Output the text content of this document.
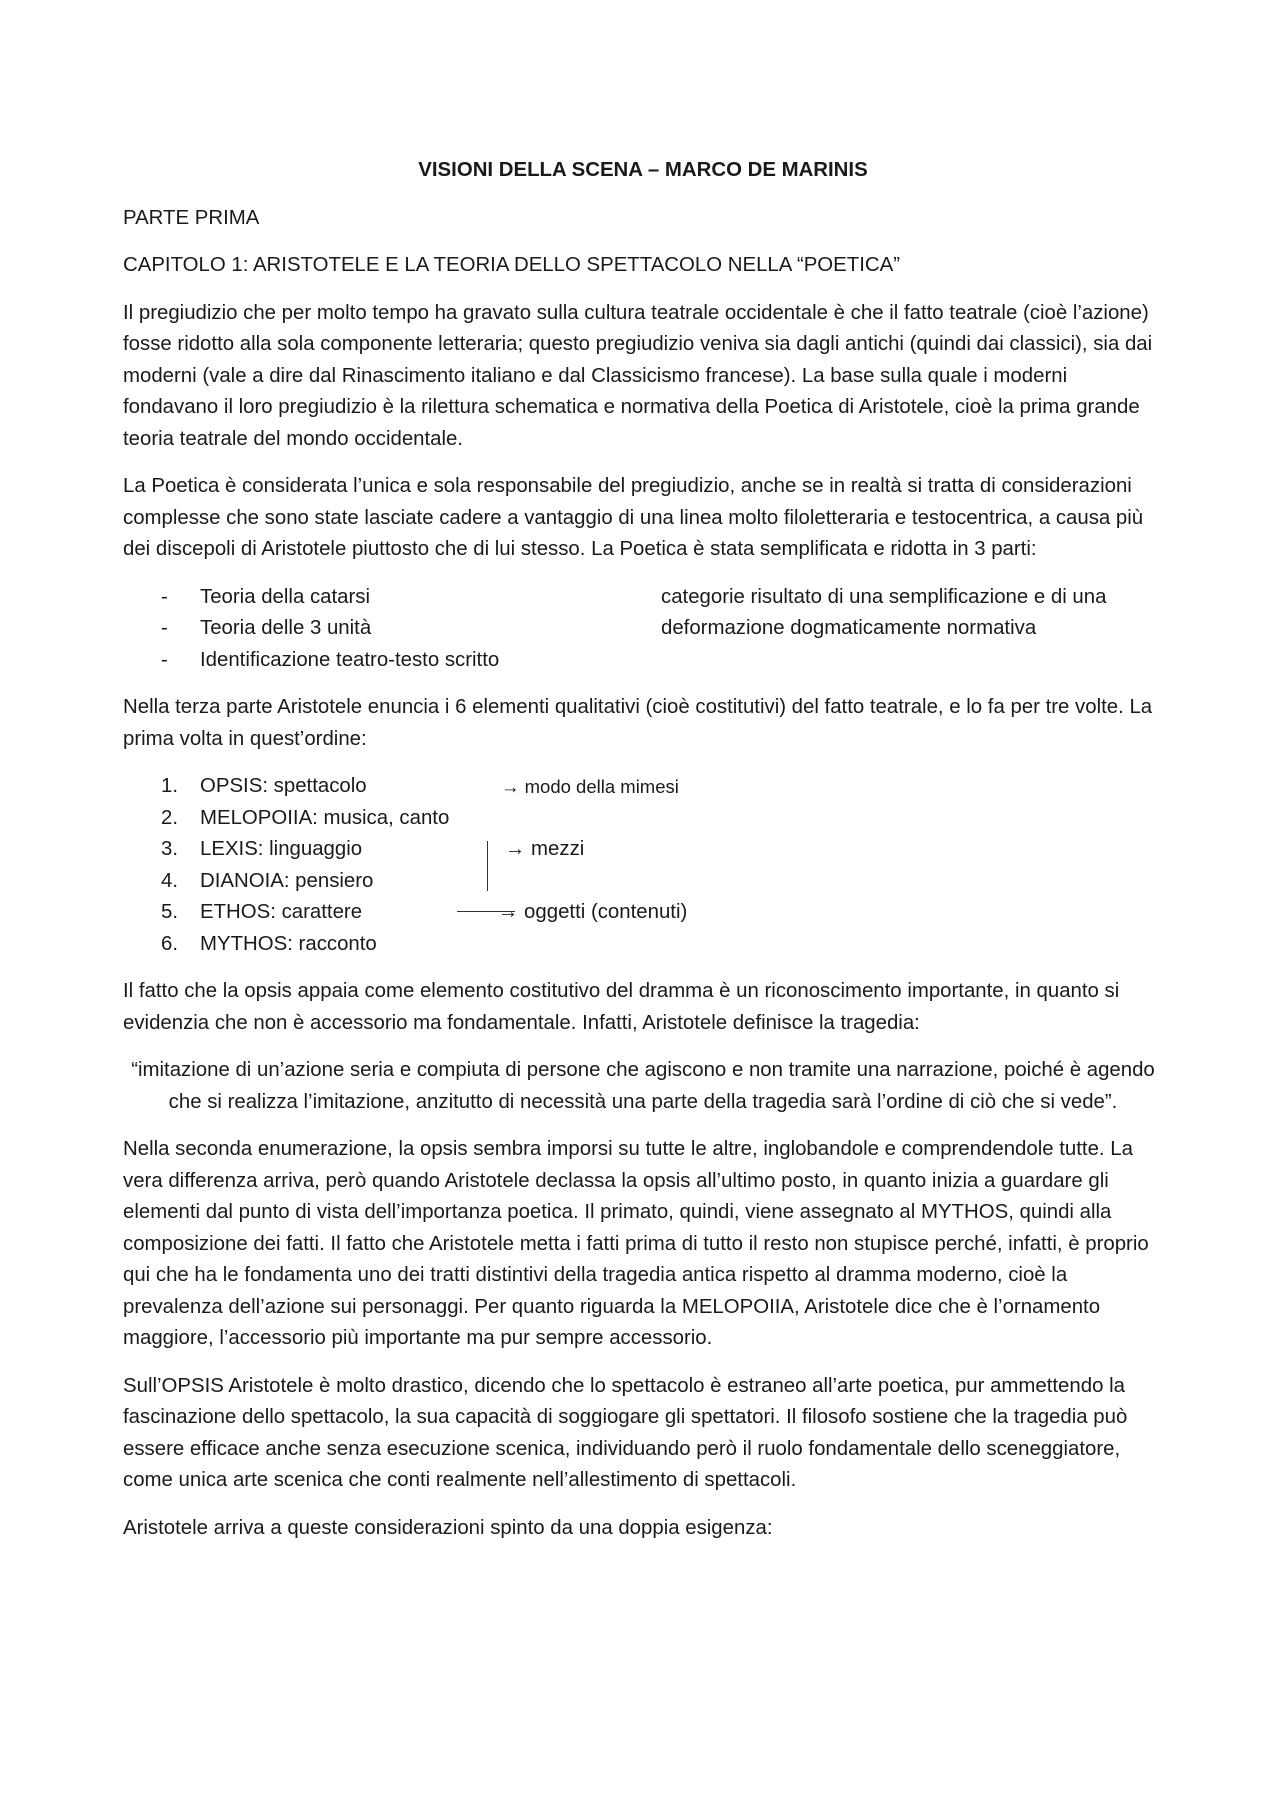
VISIONI DELLA SCENA – MARCO DE MARINIS

PARTE PRIMA

CAPITOLO 1: ARISTOTELE E LA TEORIA DELLO SPETTACOLO NELLA “POETICA”

Il pregiudizio che per molto tempo ha gravato sulla cultura teatrale occidentale è che il fatto teatrale (cioè l’azione) fosse ridotto alla sola componente letteraria; questo pregiudizio veniva sia dagli antichi (quindi dai classici), sia dai moderni (vale a dire dal Rinascimento italiano e dal Classicismo francese). La base sulla quale i moderni fondavano il loro pregiudizio è la rilettura schematica e normativa della Poetica di Aristotele, cioè la prima grande teoria teatrale del mondo occidentale.

La Poetica è considerata l’unica e sola responsabile del pregiudizio, anche se in realtà si tratta di considerazioni complesse che sono state lasciate cadere a vantaggio di una linea molto filoletteraria e testocentrica, a causa più dei discepoli di Aristotele piuttosto che di lui stesso. La Poetica è stata semplificata e ridotta in 3 parti:

- Teoria della catarsi
- Teoria delle 3 unità
- Identificazione teatro-testo scritto
categorie risultato di una semplificazione e di una deformazione dogmaticamente normativa

Nella terza parte Aristotele enuncia i 6 elementi qualitativi (cioè costitutivi) del fatto teatrale, e lo fa per tre volte. La prima volta in quest’ordine:

1. OPSIS: spettacolo
2. MELOPOIIA: musica, canto
3. LEXIS: linguaggio
4. DIANOIA: pensiero
5. ETHOS: carattere
6. MYTHOS: racconto
→ modo della mimesi
→ mezzi
→ oggetti (contenuti)

Il fatto che la opsis appaia come elemento costitutivo del dramma è un riconoscimento importante, in quanto si evidenzia che non è accessorio ma fondamentale. Infatti, Aristotele definisce la tragedia:

“imitazione di un’azione seria e compiuta di persone che agiscono e non tramite una narrazione, poiché è agendo che si realizza l’imitazione, anzitutto di necessità una parte della tragedia sarà l’ordine di ciò che si vede”.

Nella seconda enumerazione, la opsis sembra imporsi su tutte le altre, inglobandole e comprendendole tutte. La vera differenza arriva, però quando Aristotele declassa la opsis all’ultimo posto, in quanto inizia a guardare gli elementi dal punto di vista dell’importanza poetica. Il primato, quindi, viene assegnato al MYTHOS, quindi alla composizione dei fatti. Il fatto che Aristotele metta i fatti prima di tutto il resto non stupisce perché, infatti, è proprio qui che ha le fondamenta uno dei tratti distintivi della tragedia antica rispetto al dramma moderno, cioè la prevalenza dell’azione sui personaggi. Per quanto riguarda la MELOPOIIA, Aristotele dice che è l’ornamento maggiore, l’accessorio più importante ma pur sempre accessorio.

Sull’OPSIS Aristotele è molto drastico, dicendo che lo spettacolo è estraneo all’arte poetica, pur ammettendo la fascinazione dello spettacolo, la sua capacità di soggiogare gli spettatori. Il filosofo sostiene che la tragedia può essere efficace anche senza esecuzione scenica, individuando però il ruolo fondamentale dello sceneggiatore, come unica arte scenica che conti realmente nell’allestimento di spettacoli.

Aristotele arriva a queste considerazioni spinto da una doppia esigenza:
